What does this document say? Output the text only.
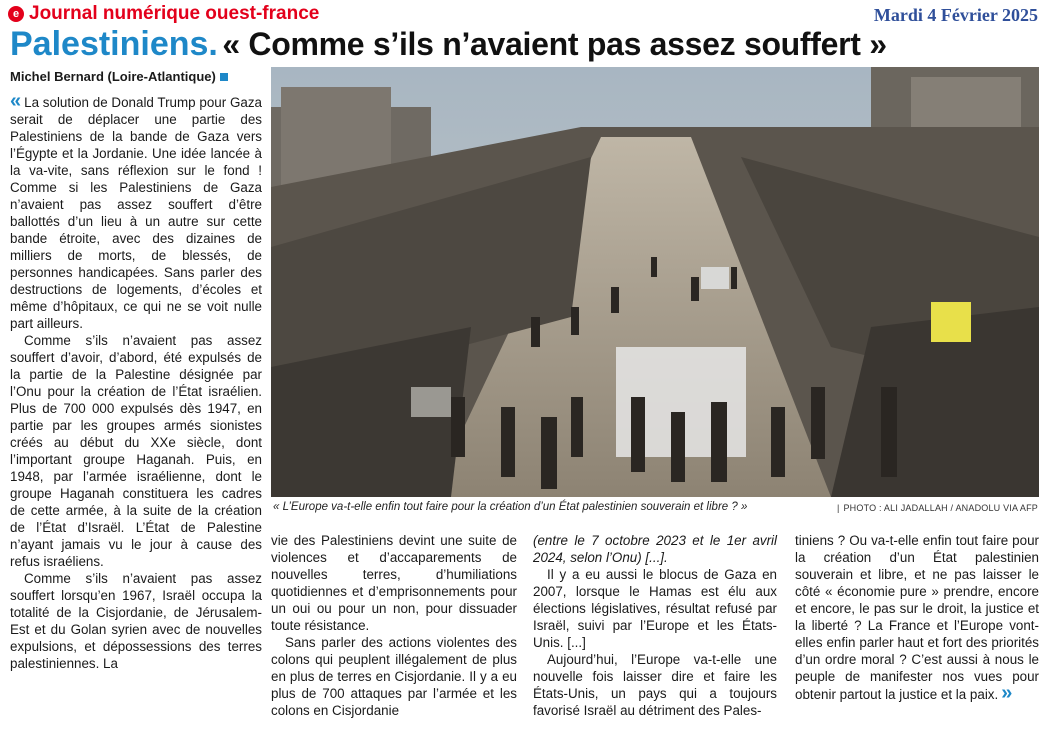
e Journal numérique ouest-france	Mardi 4 Février 2025
Palestiniens. « Comme s’ils n’avaient pas assez souffert »
Michel Bernard (Loire-Atlantique)

« La solution de Donald Trump pour Gaza serait de déplacer une partie des Palestiniens de la bande de Gaza vers l’Égypte et la Jordanie. Une idée lancée à la va-vite, sans réflexion sur le fond ! Comme si les Palestiniens de Gaza n’avaient pas assez souffert d’être ballottés d’un lieu à un autre sur cette bande étroite, avec des dizaines de milliers de morts, de blessés, de personnes handicapées. Sans parler des destructions de logements, d’écoles et même d’hôpitaux, ce qui ne se voit nulle part ailleurs.

Comme s’ils n’avaient pas assez souffert d’avoir, d’abord, été expulsés de la partie de la Palestine désignée par l’Onu pour la création de l’État israélien. Plus de 700 000 expulsés dès 1947, en partie par les groupes armés sionistes créés au début du XXe siècle, dont l’important groupe Haganah. Puis, en 1948, par l’armée israélienne, dont le groupe Haganah constituera les cadres de cette armée, à la suite de la création de l’État d’Israël. L’État de Palestine n’ayant jamais vu le jour à cause des refus israéliens.

Comme s’ils n’avaient pas assez souffert lorsqu’en 1967, Israël occupa la totalité de la Cisjordanie, de Jérusalem-Est et du Golan syrien avec de nouvelles expulsions, et dépossessions des terres palestiniennes. La

« L’Europe va-t-elle enfin tout faire pour la création d’un État palestinien souverain et libre ? »	| PHOTO : ALI JADALLAH / ANADOLU VIA AFP

vie des Palestiniens devint une suite de violences et d’accaparements de nouvelles terres, d’humiliations quotidiennes et d’emprisonnements pour un oui ou pour un non, pour dissuader toute résistance.

Sans parler des actions violentes des colons qui peuplent illégalement de plus en plus de terres en Cisjordanie. Il y a eu plus de 700 attaques par l’armée et les colons en Cisjordanie

(entre le 7 octobre 2023 et le 1er avril 2024, selon l’Onu) [...].

Il y a eu aussi le blocus de Gaza en 2007, lorsque le Hamas est élu aux élections législatives, résultat refusé par Israël, suivi par l’Europe et les États-Unis. [...]

Aujourd’hui, l’Europe va-t-elle une nouvelle fois laisser dire et faire les États-Unis, un pays qui a toujours favorisé Israël au détriment des Pales-

tiniens ? Ou va-t-elle enfin tout faire pour la création d’un État palestinien souverain et libre, et ne pas laisser le côté « économie pure » prendre, encore et encore, le pas sur le droit, la justice et la liberté ? La France et l’Europe vont-elles enfin parler haut et fort des priorités d’un ordre moral ? C’est aussi à nous le peuple de manifester nos vues pour obtenir partout la justice et la paix. »
